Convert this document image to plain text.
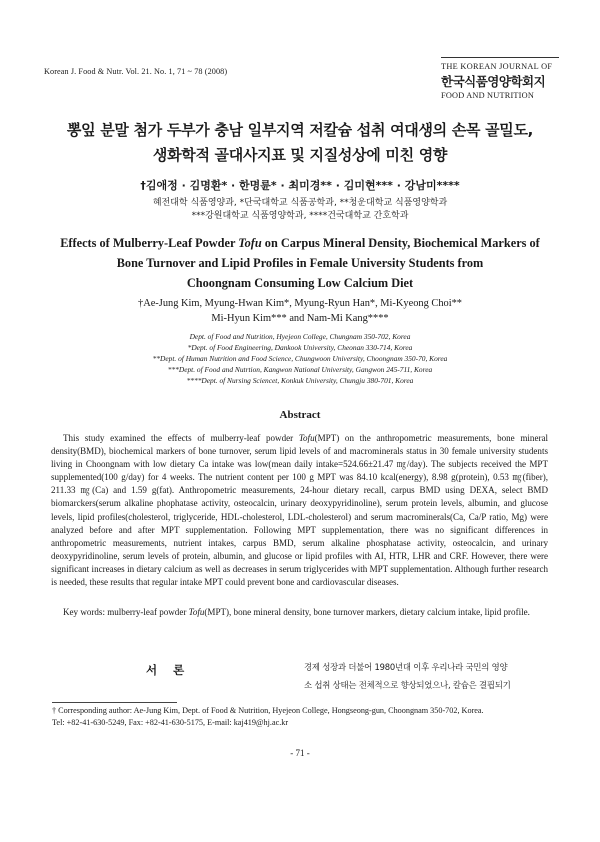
Korean J. Food & Nutr. Vol. 21. No. 1, 71 ~ 78 (2008)
THE KOREAN JOURNAL OF
한국식품영양학회지
FOOD AND NUTRITION
뽕잎 분말 첨가 두부가 충남 일부지역 저칼슘 섭취 여대생의 손목 골밀도,
생화학적 골대사지표 및 지질성상에 미친 영향
†김애정 · 김명환* · 한명륜* · 최미경** · 김미현*** · 강남미****
혜전대학 식품영양과, *단국대학교 식품공학과, **청운대학교 식품영양학과
***강원대학교 식품영양학과, ****건국대학교 간호학과
Effects of Mulberry-Leaf Powder Tofu on Carpus Mineral Density, Biochemical Markers of
Bone Turnover and Lipid Profiles in Female University Students from
Choongnam Consuming Low Calcium Diet
†Ae-Jung Kim, Myung-Hwan Kim*, Myung-Ryun Han*, Mi-Kyeong Choi**
Mi-Hyun Kim*** and Nam-Mi Kang****
Dept. of Food and Nutrition, Hyejeon College, Chungnam 350-702, Korea
*Dept. of Food Engineering, Dankook University, Cheonan 330-714, Korea
**Dept. of Human Nutrition and Food Science, Chungwoon University, Choongnam 350-70, Korea
***Dept. of Food and Nutrtion, Kangwon National University, Gangwon 245-711, Korea
****Dept. of Nursing Sciencet, Konkuk University, Chungju 380-701, Korea
Abstract
This study examined the effects of mulberry-leaf powder Tofu(MPT) on the anthropometric measurements, bone mineral density(BMD), biochemical markers of bone turnover, serum lipid levels of and macrominerals status in 30 female university students living in Choongnam with low dietary Ca intake was low(mean daily intake=524.66±21.47 ㎎/day). The subjects received the MPT supplemented(100 g/day) for 4 weeks. The nutrient content per 100 g MPT was 84.10 kcal(energy), 8.98 g(protein), 0.53 ㎎(fiber), 211.33 ㎎(Ca) and 1.59 g(fat). Anthropometric measurements, 24-hour dietary recall, carpus BMD using DEXA, select BMD biomarckers(serum alkaline phophatase activity, osteocalcin, urinary deoxypyridinoline), serum protein levels, albumin, and glucose levels, lipid profiles(cholesterol, triglyceride, HDL-cholesterol, LDL-cholesterol) and serum macrominerals(Ca, Ca/P ratio, Mg) were analyzed before and after MPT supplementation. Following MPT supplementation, there was no significant differences in anthropometric measurements, nutrient intakes, carpus BMD, serum alkaline phosphatase activity, osteocalcin, and urinary deoxypyridinoline, serum levels of protein, albumin, and glucose or lipid profiles with AI, HTR, LHR and CRF. However, there were significant increases in dietary calcium as well as decreases in serum triglycerides with MPT supplementation. Although further research is needed, these results that regular intake MPT could prevent bone and cardiovascular diseases.
Key words: mulberry-leaf powder Tofu(MPT), bone mineral density, bone turnover markers, dietary calcium intake, lipid profile.
서 론	경제 성장과 더불어 1980년대 이후 우리나라 국민의 영양
소 섭취 상태는 전체적으로 향상되었으나, 칼슘은 결핍되기
† Corresponding author: Ae-Jung Kim, Dept. of Food & Nutrition, Hyejeon College, Hongseong-gun, Choongnam 350-702, Korea.
Tel: +82-41-630-5249, Fax: +82-41-630-5175, E-mail: kaj419@hj.ac.kr
- 71 -
